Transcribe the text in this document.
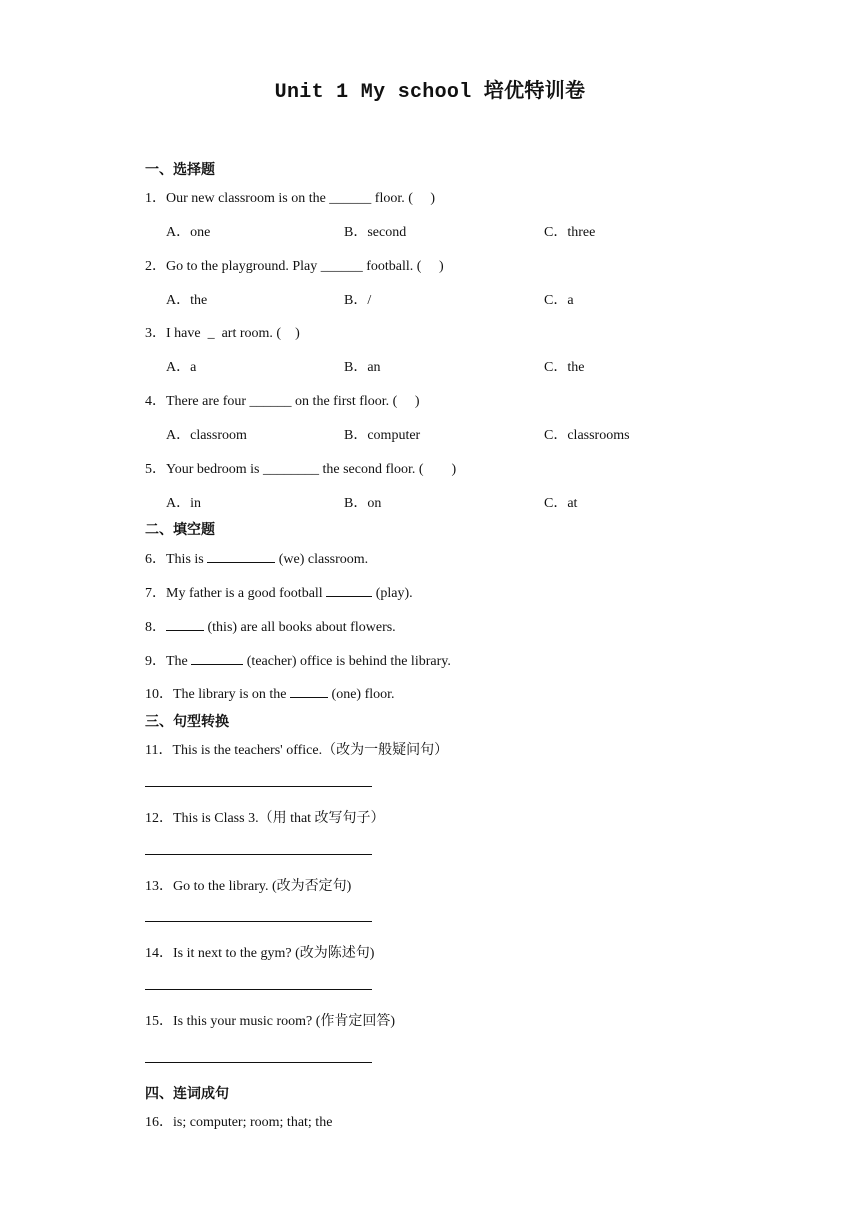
Unit 1 My school 培优特训卷
一、选择题
1．Our new classroom is on the ______ floor. (     )
A．one	B．second	C．three
2．Go to the playground. Play ______ football. (     )
A．the	B．/	C．a
3．I have  _  art room. (    )
A．a	B．an	C．the
4．There are four ______ on the first floor. (     )
A．classroom	B．computer	C．classrooms
5．Your bedroom is ________ the second floor. (        )
A．in	B．on	C．at
二、填空题
6．This is	(we) classroom.
7．My father is a good football	(play).
8．	(this) are all books about flowers.
9．The	(teacher) office is behind the library.
10．The library is on the	(one) floor.
三、句型转换
11．This is the teachers' office.（改为一般疑问句）
12．This is Class 3.（用 that 改写句子）
13．Go to the library. (改为否定句)
14．Is it next to the gym? (改为陈述句)
15．Is this your music room? (作肯定回答)
四、连词成句
16．is; computer; room; that; the
